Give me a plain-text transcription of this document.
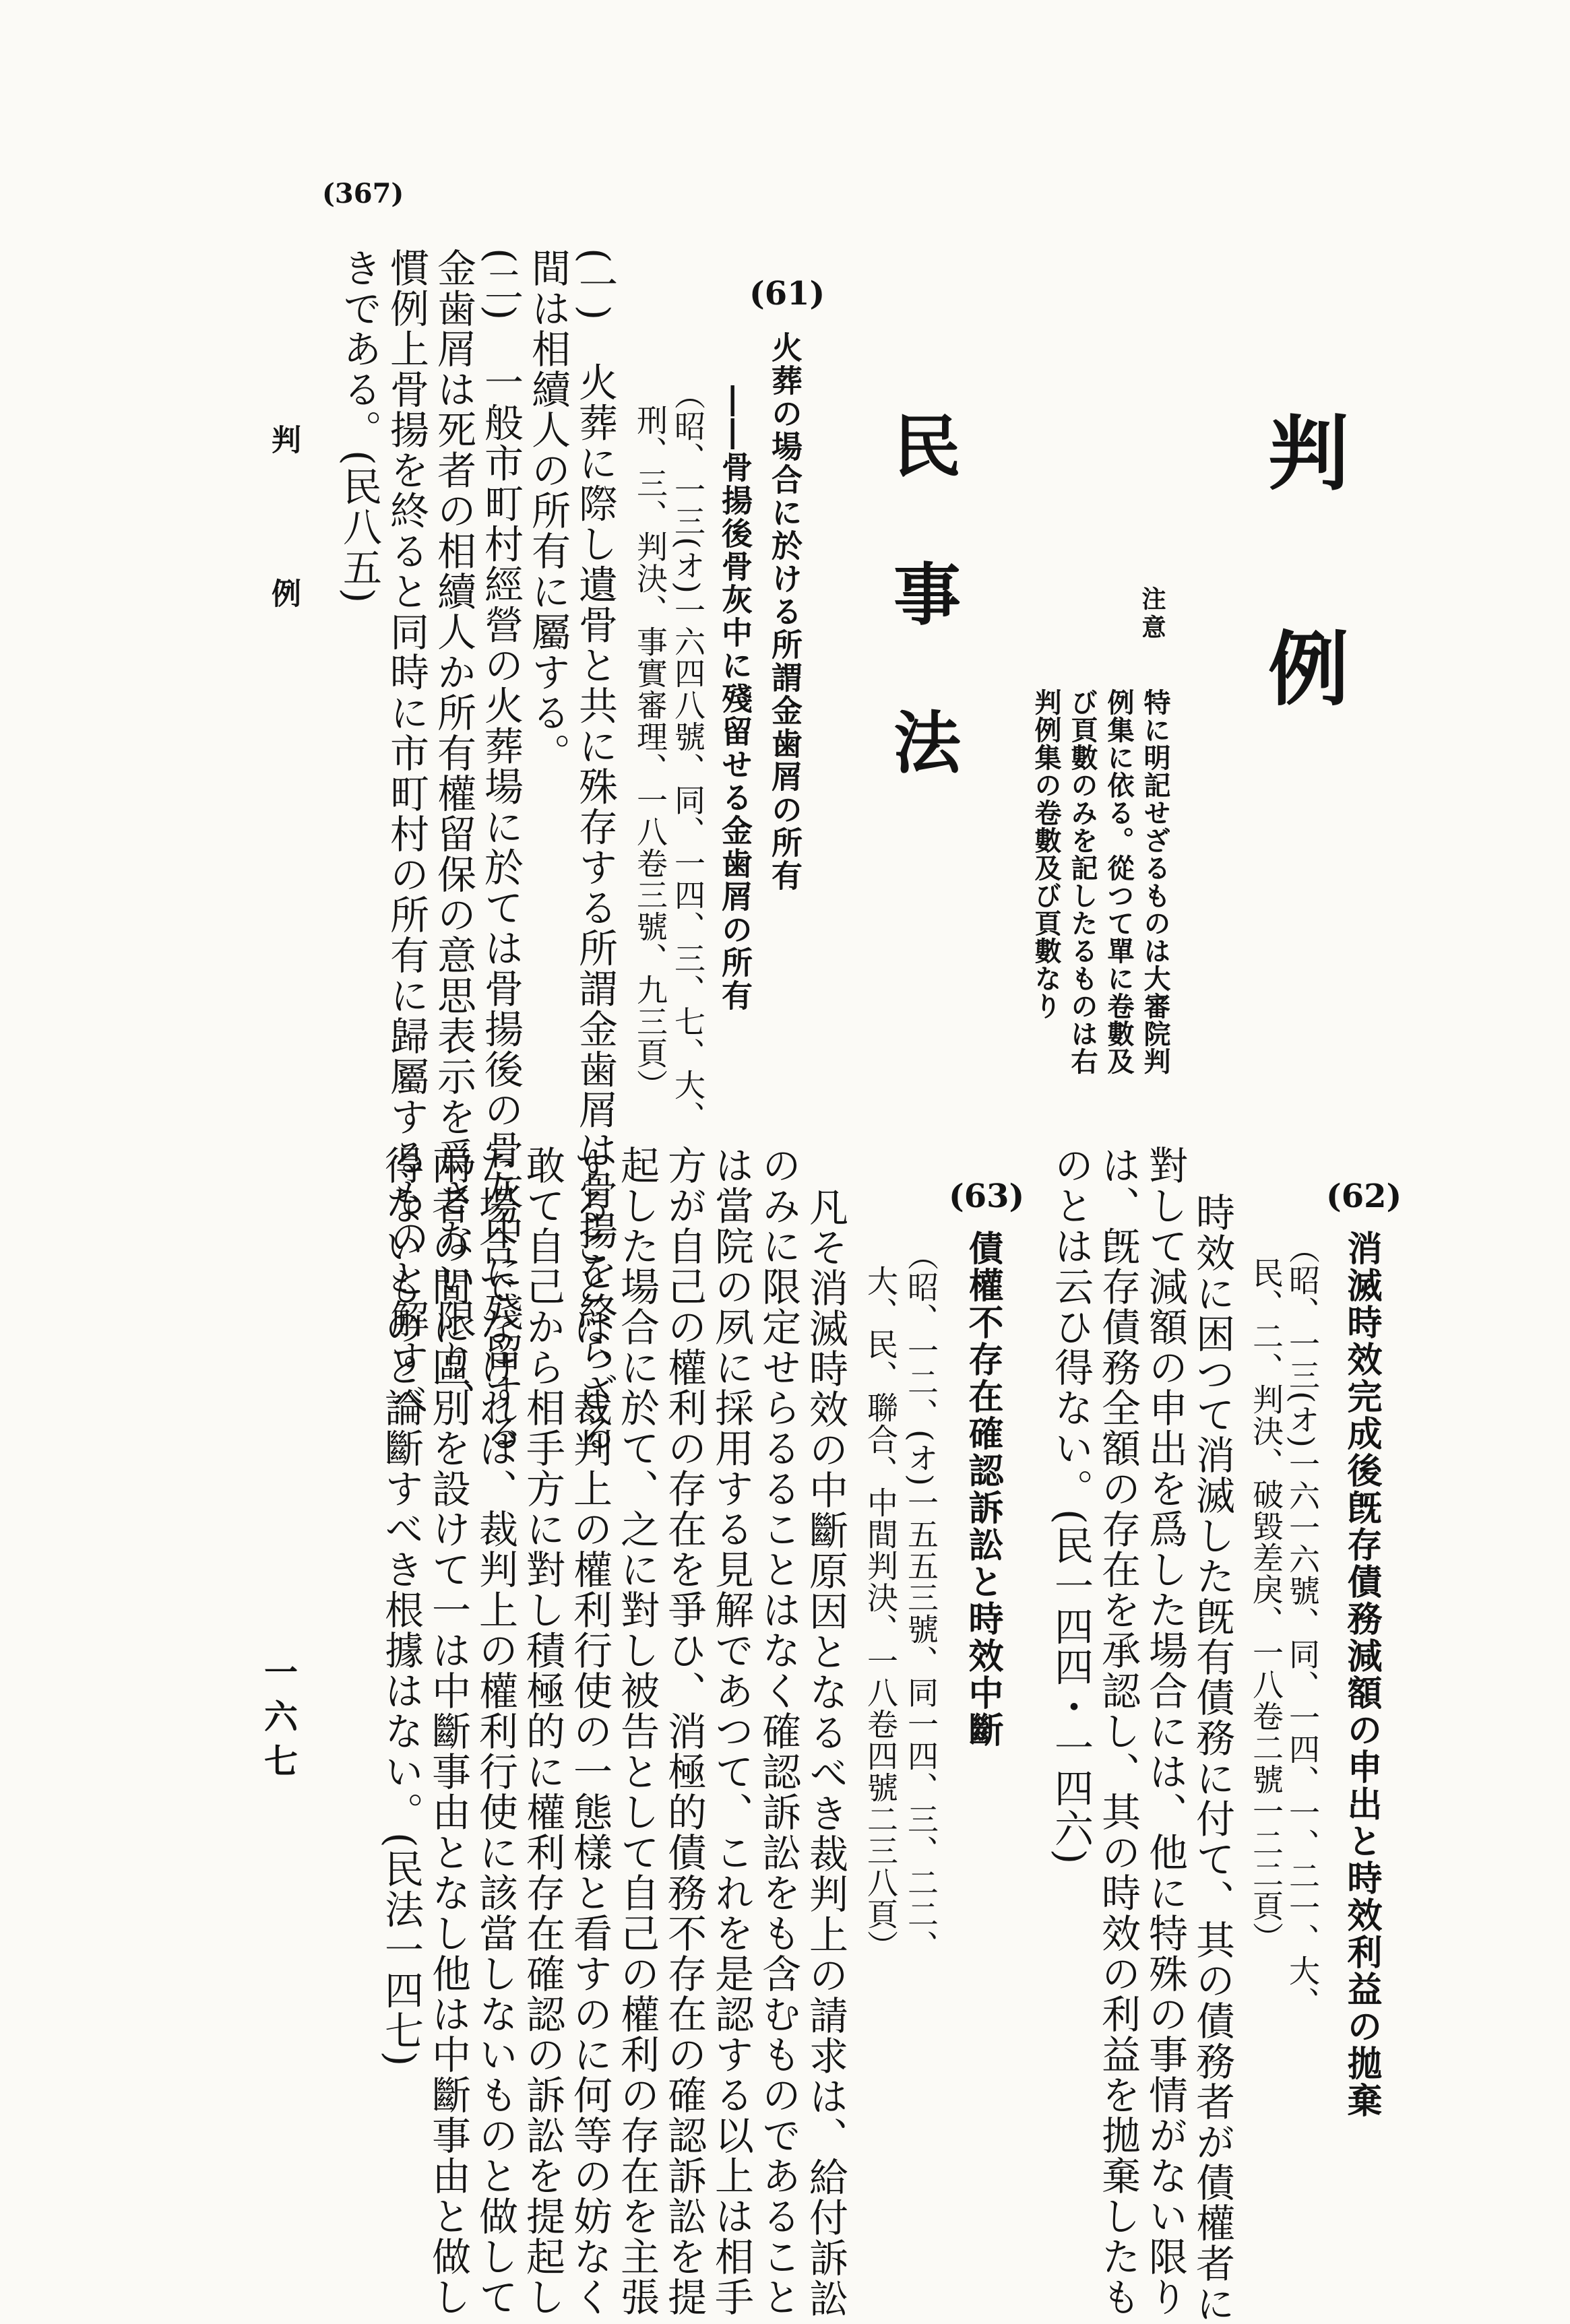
(367)
判　例
民　事　法	注意
特に明記せざるものは大審院判
例集に依る。從つて單に卷數及
び頁數のみを記したるものは右
判例集の卷數及び頁數なり
(61)
火葬の場合に於ける所謂金歯屑の所有
――骨揚後骨灰中に殘留せる金歯屑の所有
（昭、一三(オ)一六四八號、同、一四、三、七、大、
刑、三、判決、事實審理、一八卷三號、九三頁）
(一)　火葬に際し遺骨と共に殊存する所謂金歯屑は骨揚を終らざる
間は相續人の所有に屬する。
(二)　一般市町村經營の火葬場に於ては骨揚後の骨灰中に殘留する
金歯屑は死者の相續人か所有權留保の意思表示を爲さない限り、
慣例上骨揚を終ると同時に市町村の所有に歸屬するものと解すべ
きである。(民八五)
(62)
消滅時效完成後旣存債務減額の申出と時效利益の拋棄
（昭、一三(オ)一六一六號、同、一四、一、二一、大、
民、二、判決、破毀差戾、一八卷二號一二二頁）
時效に困つて消滅した旣有債務に付て、其の債務者が債權者に
對して減額の申出を爲した場合には、他に特殊の事情がない限り
は、旣存債務全額の存在を承認し、其の時效の利益を拋棄したも
のとは云ひ得ない。(民一四四・一四六)
(63)
債權不存在確認訴訟と時效中斷
（昭、一二、(オ)一五五三號、同一四、三、二二、
大、民、聯合、中間判決、一八卷四號二三八頁）
凡そ消滅時效の中斷原因となるべき裁判上の請求は、給付訴訟
のみに限定せらるることはなく確認訴訟をも含むものであること
は當院の夙に採用する見解であつて、これを是認する以上は相手
方が自己の權利の存在を爭ひ、消極的債務不存在の確認訴訟を提
起した場合に於て、之に對し被告として自己の權利の存在を主張
することは、裁判上の權利行使の一態樣と看すのに何等の妨なく
敢て自己から相手方に對し積極的に權利存在確認の訴訟を提起し
た場合でなければ、裁判上の權利行使に該當しないものと做して
兩者の間に區別を設けて一は中斷事由となし他は中斷事由と做し
得ないものと論斷すべき根據はない。(民法一四七)
判　例
一六七
